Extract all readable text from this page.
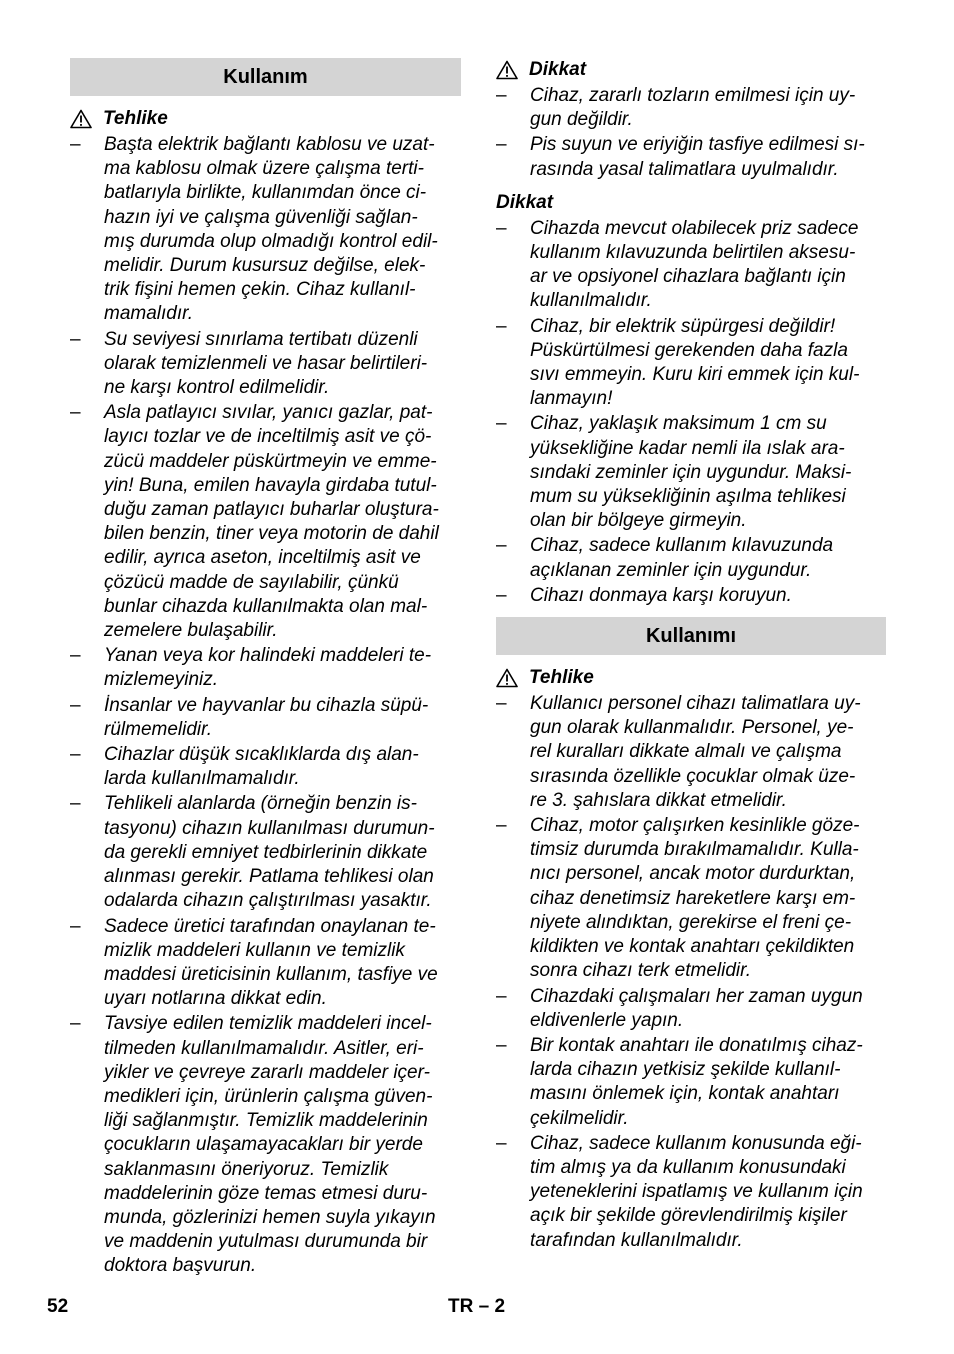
Kullanım
Tehlike
– Başta elektrik bağlantı kablosu ve uzat-
ma kablosu olmak üzere çalışma terti-
batlarıyla birlikte, kullanımdan önce ci-
hazın iyi ve çalışma güvenliği sağlan-
mış durumda olup olmadığı kontrol edil-
melidir. Durum kusursuz değilse, elek-
trik fişini hemen çekin. Cihaz kullanıl-
mamalıdır.
– Su seviyesi sınırlama tertibatı düzenli
olarak temizlenmeli ve hasar belirtileri-
ne karşı kontrol edilmelidir.
– Asla patlayıcı sıvılar, yanıcı gazlar, pat-
layıcı tozlar ve de inceltilmiş asit ve çö-
zücü maddeler püskürtmeyin ve emme-
yin! Buna, emilen havayla girdaba tutul-
duğu zaman patlayıcı buharlar oluştura-
bilen benzin, tiner veya motorin de dahil
edilir, ayrıca aseton, inceltilmiş asit ve
çözücü madde de sayılabilir, çünkü
bunlar cihazda kullanılmakta olan mal-
zemelere bulaşabilir.
– Yanan veya kor halindeki maddeleri te-
mizlemeyiniz.
– İnsanlar ve hayvanlar bu cihazla süpü-
rülmemelidir.
– Cihazlar düşük sıcaklıklarda dış alan-
larda kullanılmamalıdır.
– Tehlikeli alanlarda (örneğin benzin is-
tasyonu) cihazın kullanılması durumun-
da gerekli emniyet tedbirlerinin dikkate
alınması gerekir. Patlama tehlikesi olan
odalarda cihazın çalıştırılması yasaktır.
– Sadece üretici tarafından onaylanan te-
mizlik maddeleri kullanın ve temizlik
maddesi üreticisinin kullanım, tasfiye ve
uyarı notlarına dikkat edin.
– Tavsiye edilen temizlik maddeleri incel-
tilmeden kullanılmamalıdır. Asitler, eri-
yikler ve çevreye zararlı maddeler içer-
medikleri için, ürünlerin çalışma güven-
liği sağlanmıştır. Temizlik maddelerinin
çocukların ulaşamayacakları bir yerde
saklanmasını öneriyoruz. Temizlik
maddelerinin göze temas etmesi duru-
munda, gözlerinizi hemen suyla yıkayın
ve maddenin yutulması durumunda bir
doktora başvurun.
Dikkat
– Cihaz, zararlı tozların emilmesi için uy-
gun değildir.
– Pis suyun ve eriyiğin tasfiye edilmesi sı-
rasında yasal talimatlara uyulmalıdır.
Dikkat
– Cihazda mevcut olabilecek priz sadece
kullanım kılavuzunda belirtilen aksesu-
ar ve opsiyonel cihazlara bağlantı için
kullanılmalıdır.
– Cihaz, bir elektrik süpürgesi değildir!
Püskürtülmesi gerekenden daha fazla
sıvı emmeyin. Kuru kiri emmek için kul-
lanmayın!
– Cihaz, yaklaşık maksimum 1 cm su
yüksekliğine kadar nemli ila ıslak ara-
sındaki zeminler için uygundur. Maksi-
mum su yüksekliğinin aşılma tehlikesi
olan bir bölgeye girmeyin.
– Cihaz, sadece kullanım kılavuzunda
açıklanan zeminler için uygundur.
– Cihazı donmaya karşı koruyun.
Kullanımı
Tehlike
– Kullanıcı personel cihazı talimatlara uy-
gun olarak kullanmalıdır. Personel, ye-
rel kuralları dikkate almalı ve çalışma
sırasında özellikle çocuklar olmak üze-
re 3. şahıslara dikkat etmelidir.
– Cihaz, motor çalışırken kesinlikle göze-
timsiz durumda bırakılmamalıdır. Kulla-
nıcı personel, ancak motor durdurktan,
cihaz denetimsiz hareketlere karşı em-
niyete alındıktan, gerekirse el freni çe-
kildikten ve kontak anahtarı çekildikten
sonra cihazı terk etmelidir.
– Cihazdaki çalışmaları her zaman uygun
eldivenlerle yapın.
– Bir kontak anahtarı ile donatılmış cihaz-
larda cihazın yetkisiz şekilde kullanıl-
masını önlemek için, kontak anahtarı
çekilmelidir.
– Cihaz, sadece kullanım konusunda eği-
tim almış ya da kullanım konusundaki
yeteneklerini ispatlamış ve kullanım için
açık bir şekilde görevlendirilmiş kişiler
tarafından kullanılmalıdır.
52	TR – 2
